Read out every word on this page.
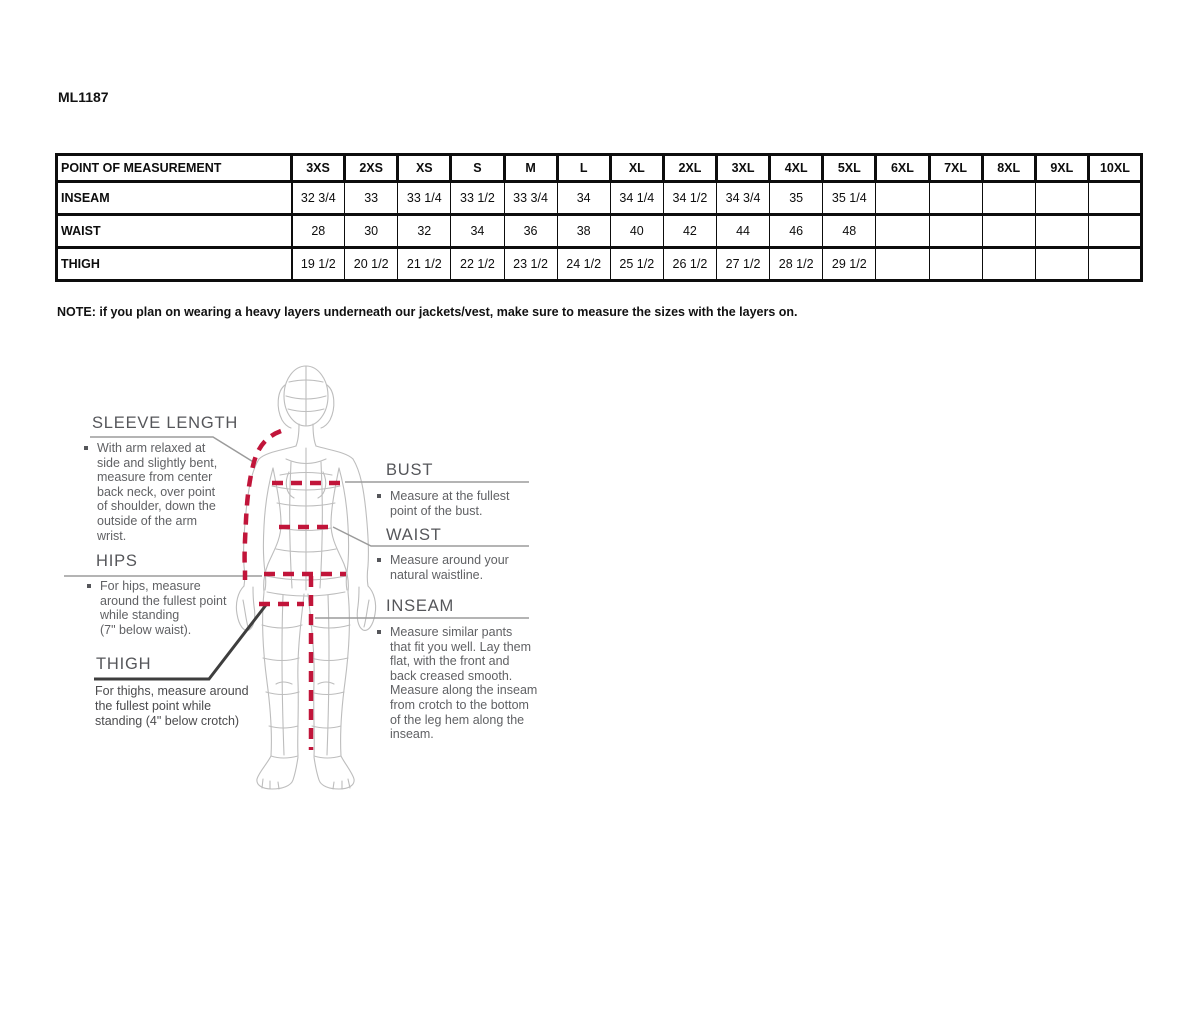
ML1187
POINT OF MEASUREMENT	3XS	2XS	XS	S	M	L	XL	2XL	3XL	4XL	5XL	6XL	7XL	8XL	9XL	10XL
INSEAM	32 3/4	33	33 1/4	33 1/2	33 3/4	34	34 1/4	34 1/2	34 3/4	35	35 1/4					
WAIST	28	30	32	34	36	38	40	42	44	46	48					
THIGH	19 1/2	20 1/2	21 1/2	22 1/2	23 1/2	24 1/2	25 1/2	26 1/2	27 1/2	28 1/2	29 1/2					
NOTE: if you plan on wearing a heavy layers underneath our jackets/vest, make sure to measure the sizes with the layers on.
SLEEVE LENGTH
With arm relaxed at
side and slightly bent,
measure from center
back neck, over point
of shoulder, down the
outside of the arm
wrist.
HIPS
For hips, measure
around the fullest point
while standing
(7" below waist).
THIGH
For thighs, measure around
the fullest point while
standing (4" below crotch)
BUST
Measure at the fullest
point of the bust.
WAIST
Measure around your
natural waistline.
INSEAM
Measure similar pants
that fit you well. Lay them
flat, with the front and
back creased smooth.
Measure along the inseam
from crotch to the bottom
of the leg hem along the
inseam.
